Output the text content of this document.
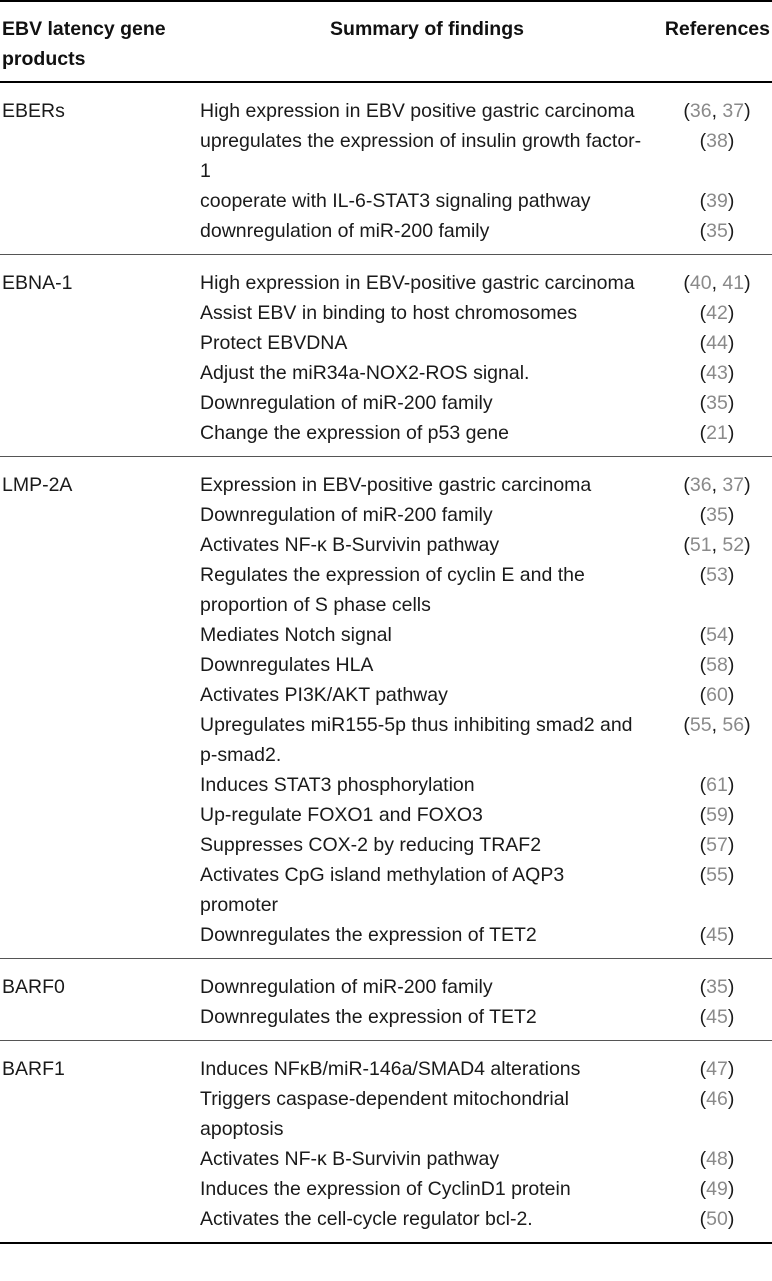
EBV latency gene products	Summary of findings	References
EBERs	High expression in EBV positive gastric carcinoma	(36, 37)
	upregulates the expression of insulin growth factor-1	(38)
	cooperate with IL-6-STAT3 signaling pathway	(39)
	downregulation of miR-200 family	(35)
EBNA-1	High expression in EBV-positive gastric carcinoma	(40, 41)
	Assist EBV in binding to host chromosomes	(42)
	Protect EBVDNA	(44)
	Adjust the miR34a-NOX2-ROS signal.	(43)
	Downregulation of miR-200 family	(35)
	Change the expression of p53 gene	(21)
LMP-2A	Expression in EBV-positive gastric carcinoma	(36, 37)
	Downregulation of miR-200 family	(35)
	Activates NF-κ B-Survivin pathway	(51, 52)
	Regulates the expression of cyclin E and the proportion of S phase cells	(53)
	Mediates Notch signal	(54)
	Downregulates HLA	(58)
	Activates PI3K/AKT pathway	(60)
	Upregulates miR155-5p thus inhibiting smad2 and p-smad2.	(55, 56)
	Induces STAT3 phosphorylation	(61)
	Up-regulate FOXO1 and FOXO3	(59)
	Suppresses COX-2 by reducing TRAF2	(57)
	Activates CpG island methylation of AQP3 promoter	(55)
	Downregulates the expression of TET2	(45)
BARF0	Downregulation of miR-200 family	(35)
	Downregulates the expression of TET2	(45)
BARF1	Induces NFκB/miR-146a/SMAD4 alterations	(47)
	Triggers caspase-dependent mitochondrial apoptosis	(46)
	Activates NF-κ B-Survivin pathway	(48)
	Induces the expression of CyclinD1 protein	(49)
	Activates the cell-cycle regulator bcl-2.	(50)
